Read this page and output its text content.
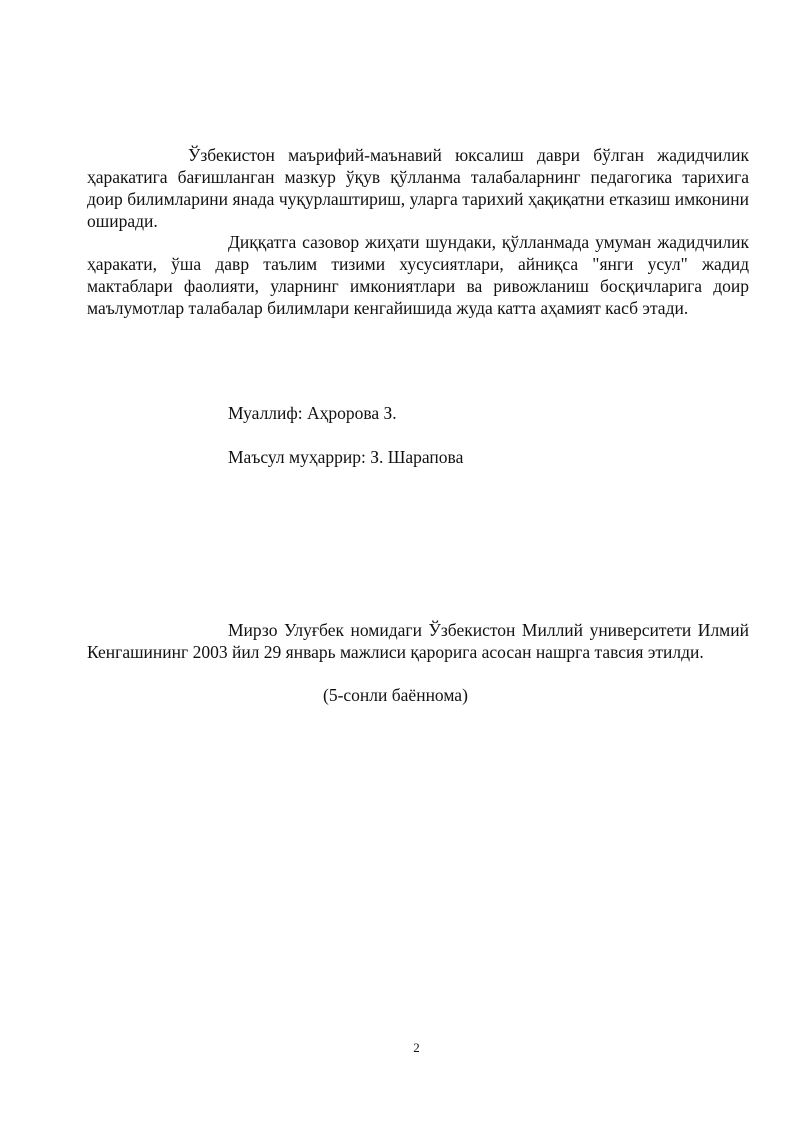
Ўзбекистон маърифий-маънавий юксалиш даври бўлган жадидчилик ҳаракатига бағишланган мазкур ўқув қўлланма талабаларнинг педагогика тарихига доир билимларини янада чуқурлаштириш, уларга тарихий ҳақиқатни етказиш имконини оширади.

Диққатга сазовор жиҳати шундаки, қўлланмада умуман жадидчилик ҳаракати, ўша давр таълим тизими хусусиятлари, айниқса "янги усул" жадид мактаблари фаолияти, уларнинг имкониятлари ва ривожланиш босқичларига доир маълумотлар талабалар билимлари кенгайишида жуда катта аҳамият касб этади.

Муаллиф: Аҳророва З.

Маъсул муҳаррир: З. Шарапова

Мирзо Улуғбек номидаги Ўзбекистон Миллий университети Илмий Кенгашининг 2003 йил 29 январь мажлиси қарорига асосан нашрга тавсия этилди.

(5-сонли баённома)

2
